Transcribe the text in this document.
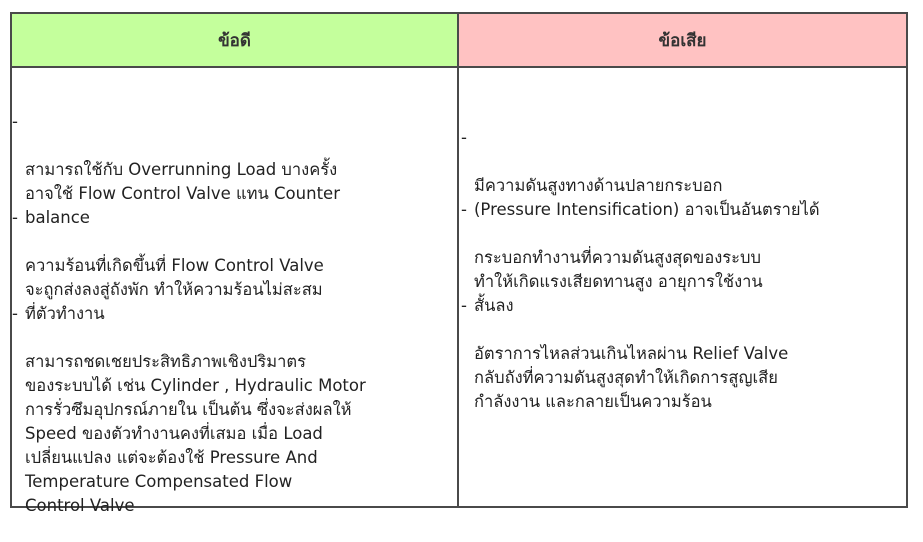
ข้อดี	ข้อเสีย

-

สามารถใช้กับ Overrunning Load บางครั้ง
อาจใช้ Flow Control Valve แทน Counter
balance

-

ความร้อนที่เกิดขึ้นที่ Flow Control Valve
จะถูกส่งลงสู่ถังพัก ทำให้ความร้อนไม่สะสม
ที่ตัวทำงาน

-

สามารถชดเชยประสิทธิภาพเชิงปริมาตร
ของระบบได้ เช่น Cylinder , Hydraulic Motor
การรั่วซึมอุปกรณ์ภายใน เป็นต้น ซึ่งจะส่งผลให้
Speed ของตัวทำงานคงที่เสมอ เมื่อ Load
เปลี่ยนแปลง แต่จะต้องใช้ Pressure And
Temperature Compensated Flow
Control Valve

-

มีความดันสูงทางด้านปลายกระบอก
(Pressure Intensification) อาจเป็นอันตรายได้

-

กระบอกทำงานที่ความดันสูงสุดของระบบ
ทำให้เกิดแรงเสียดทานสูง อายุการใช้งาน
สั้นลง

-

อัตราการไหลส่วนเกินไหลผ่าน Relief Valve
กลับถังที่ความดันสูงสุดทำให้เกิดการสูญเสีย
กำลังงาน และกลายเป็นความร้อน
